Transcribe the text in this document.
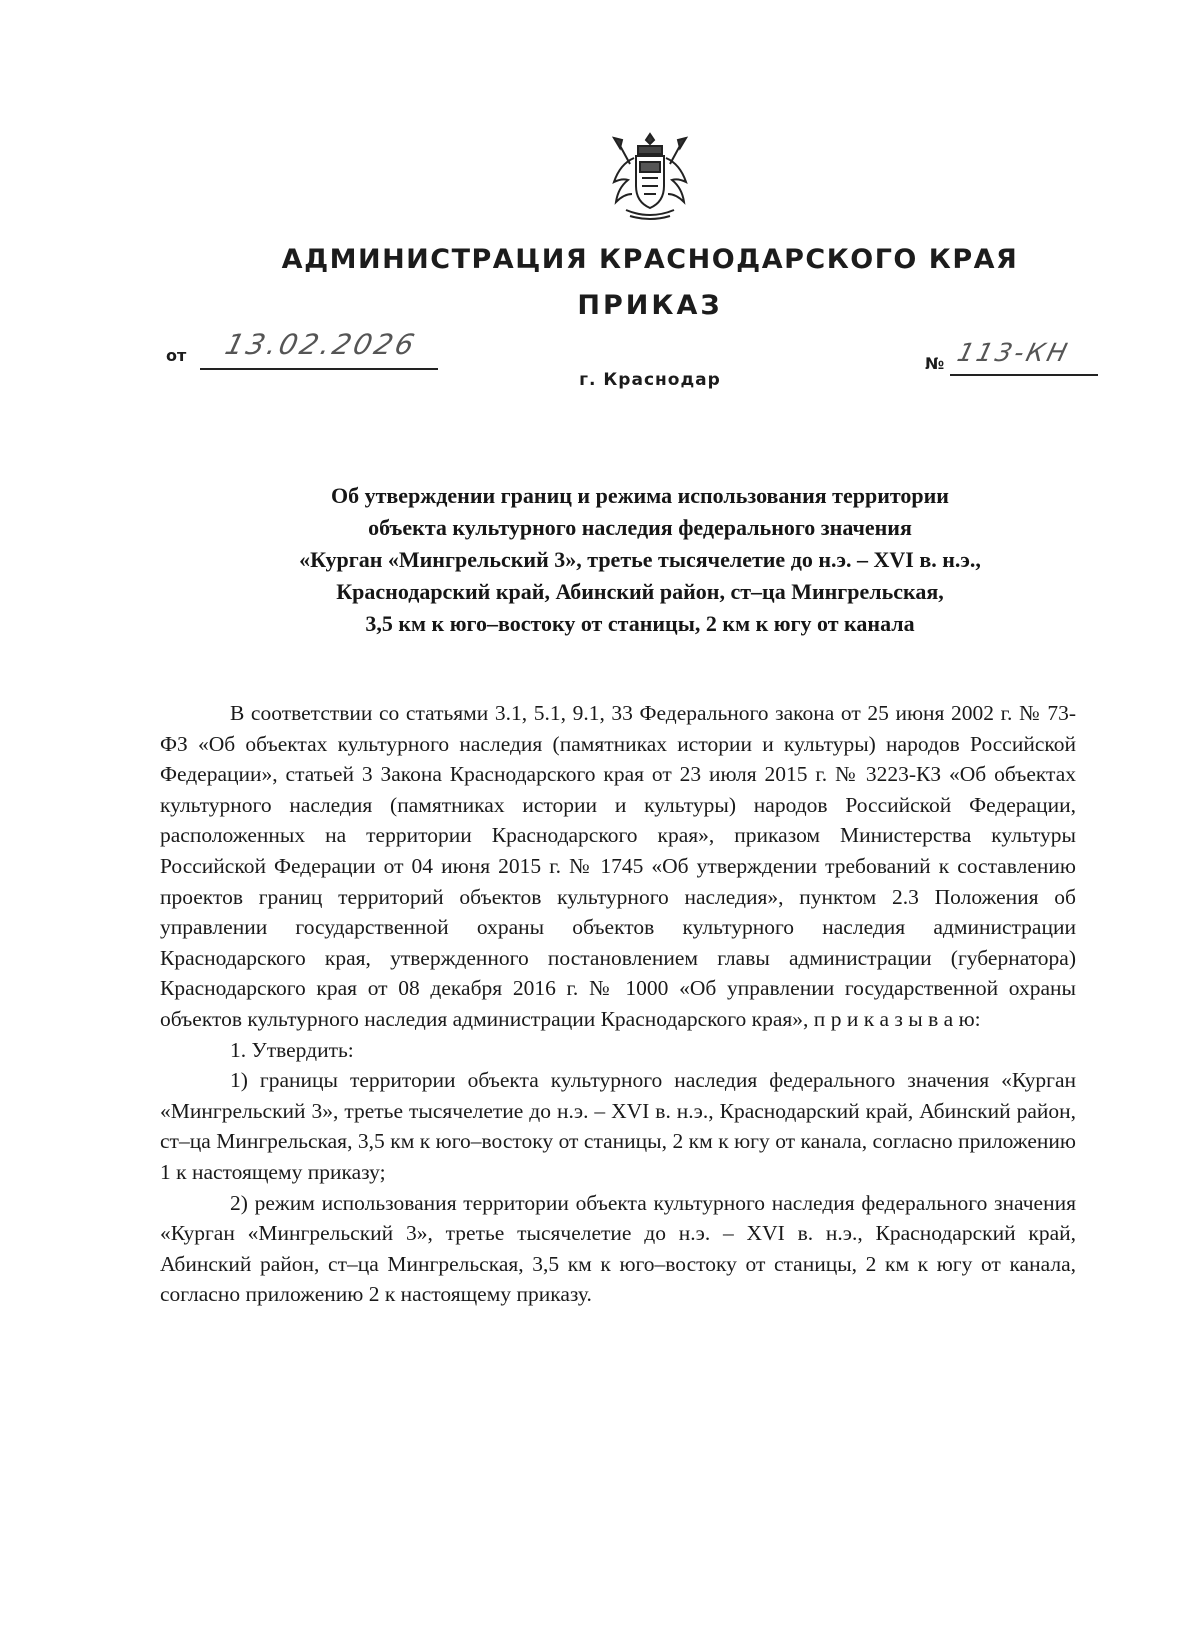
АДМИНИСТРАЦИЯ КРАСНОДАРСКОГО КРАЯ
ПРИКАЗ
от 13.02.2026
№ 113-КН
г. Краснодар
Об утверждении границ и режима использования территории
объекта культурного наследия федерального значения
«Курган «Мингрельский 3», третье тысячелетие до н.э. – XVI в. н.э.,
Краснодарский край, Абинский район, ст–ца Мингрельская,
3,5 км к юго–востоку от станицы, 2 км к югу от канала

В соответствии со статьями 3.1, 5.1, 9.1, 33 Федерального закона от 25 июня 2002 г. № 73-ФЗ «Об объектах культурного наследия (памятниках истории и культуры) народов Российской Федерации», статьей 3 Закона Краснодарского края от 23 июля 2015 г. № 3223-КЗ «Об объектах культурного наследия (памятниках истории и культуры) народов Российской Федерации, расположенных на территории Краснодарского края», приказом Министерства культуры Российской Федерации от 04 июня 2015 г. № 1745 «Об утверждении требований к составлению проектов границ территорий объектов культурного наследия», пунктом 2.3 Положения об управлении государственной охраны объектов культурного наследия администрации Краснодарского края, утвержденного постановлением главы администрации (губернатора) Краснодарского края от 08 декабря 2016 г. № 1000 «Об управлении государственной охраны объектов культурного наследия администрации Краснодарского края», п р и к а з ы в а ю:

1. Утвердить:

1) границы территории объекта культурного наследия федерального значения «Курган «Мингрельский 3», третье тысячелетие до н.э. – XVI в. н.э., Краснодарский край, Абинский район, ст–ца Мингрельская, 3,5 км к юго–востоку от станицы, 2 км к югу от канала, согласно приложению 1 к настоящему приказу;

2) режим использования территории объекта культурного наследия федерального значения «Курган «Мингрельский 3», третье тысячелетие до н.э. – XVI в. н.э., Краснодарский край, Абинский район, ст–ца Мингрельская, 3,5 км к юго–востоку от станицы, 2 км к югу от канала, согласно приложению 2 к настоящему приказу.
